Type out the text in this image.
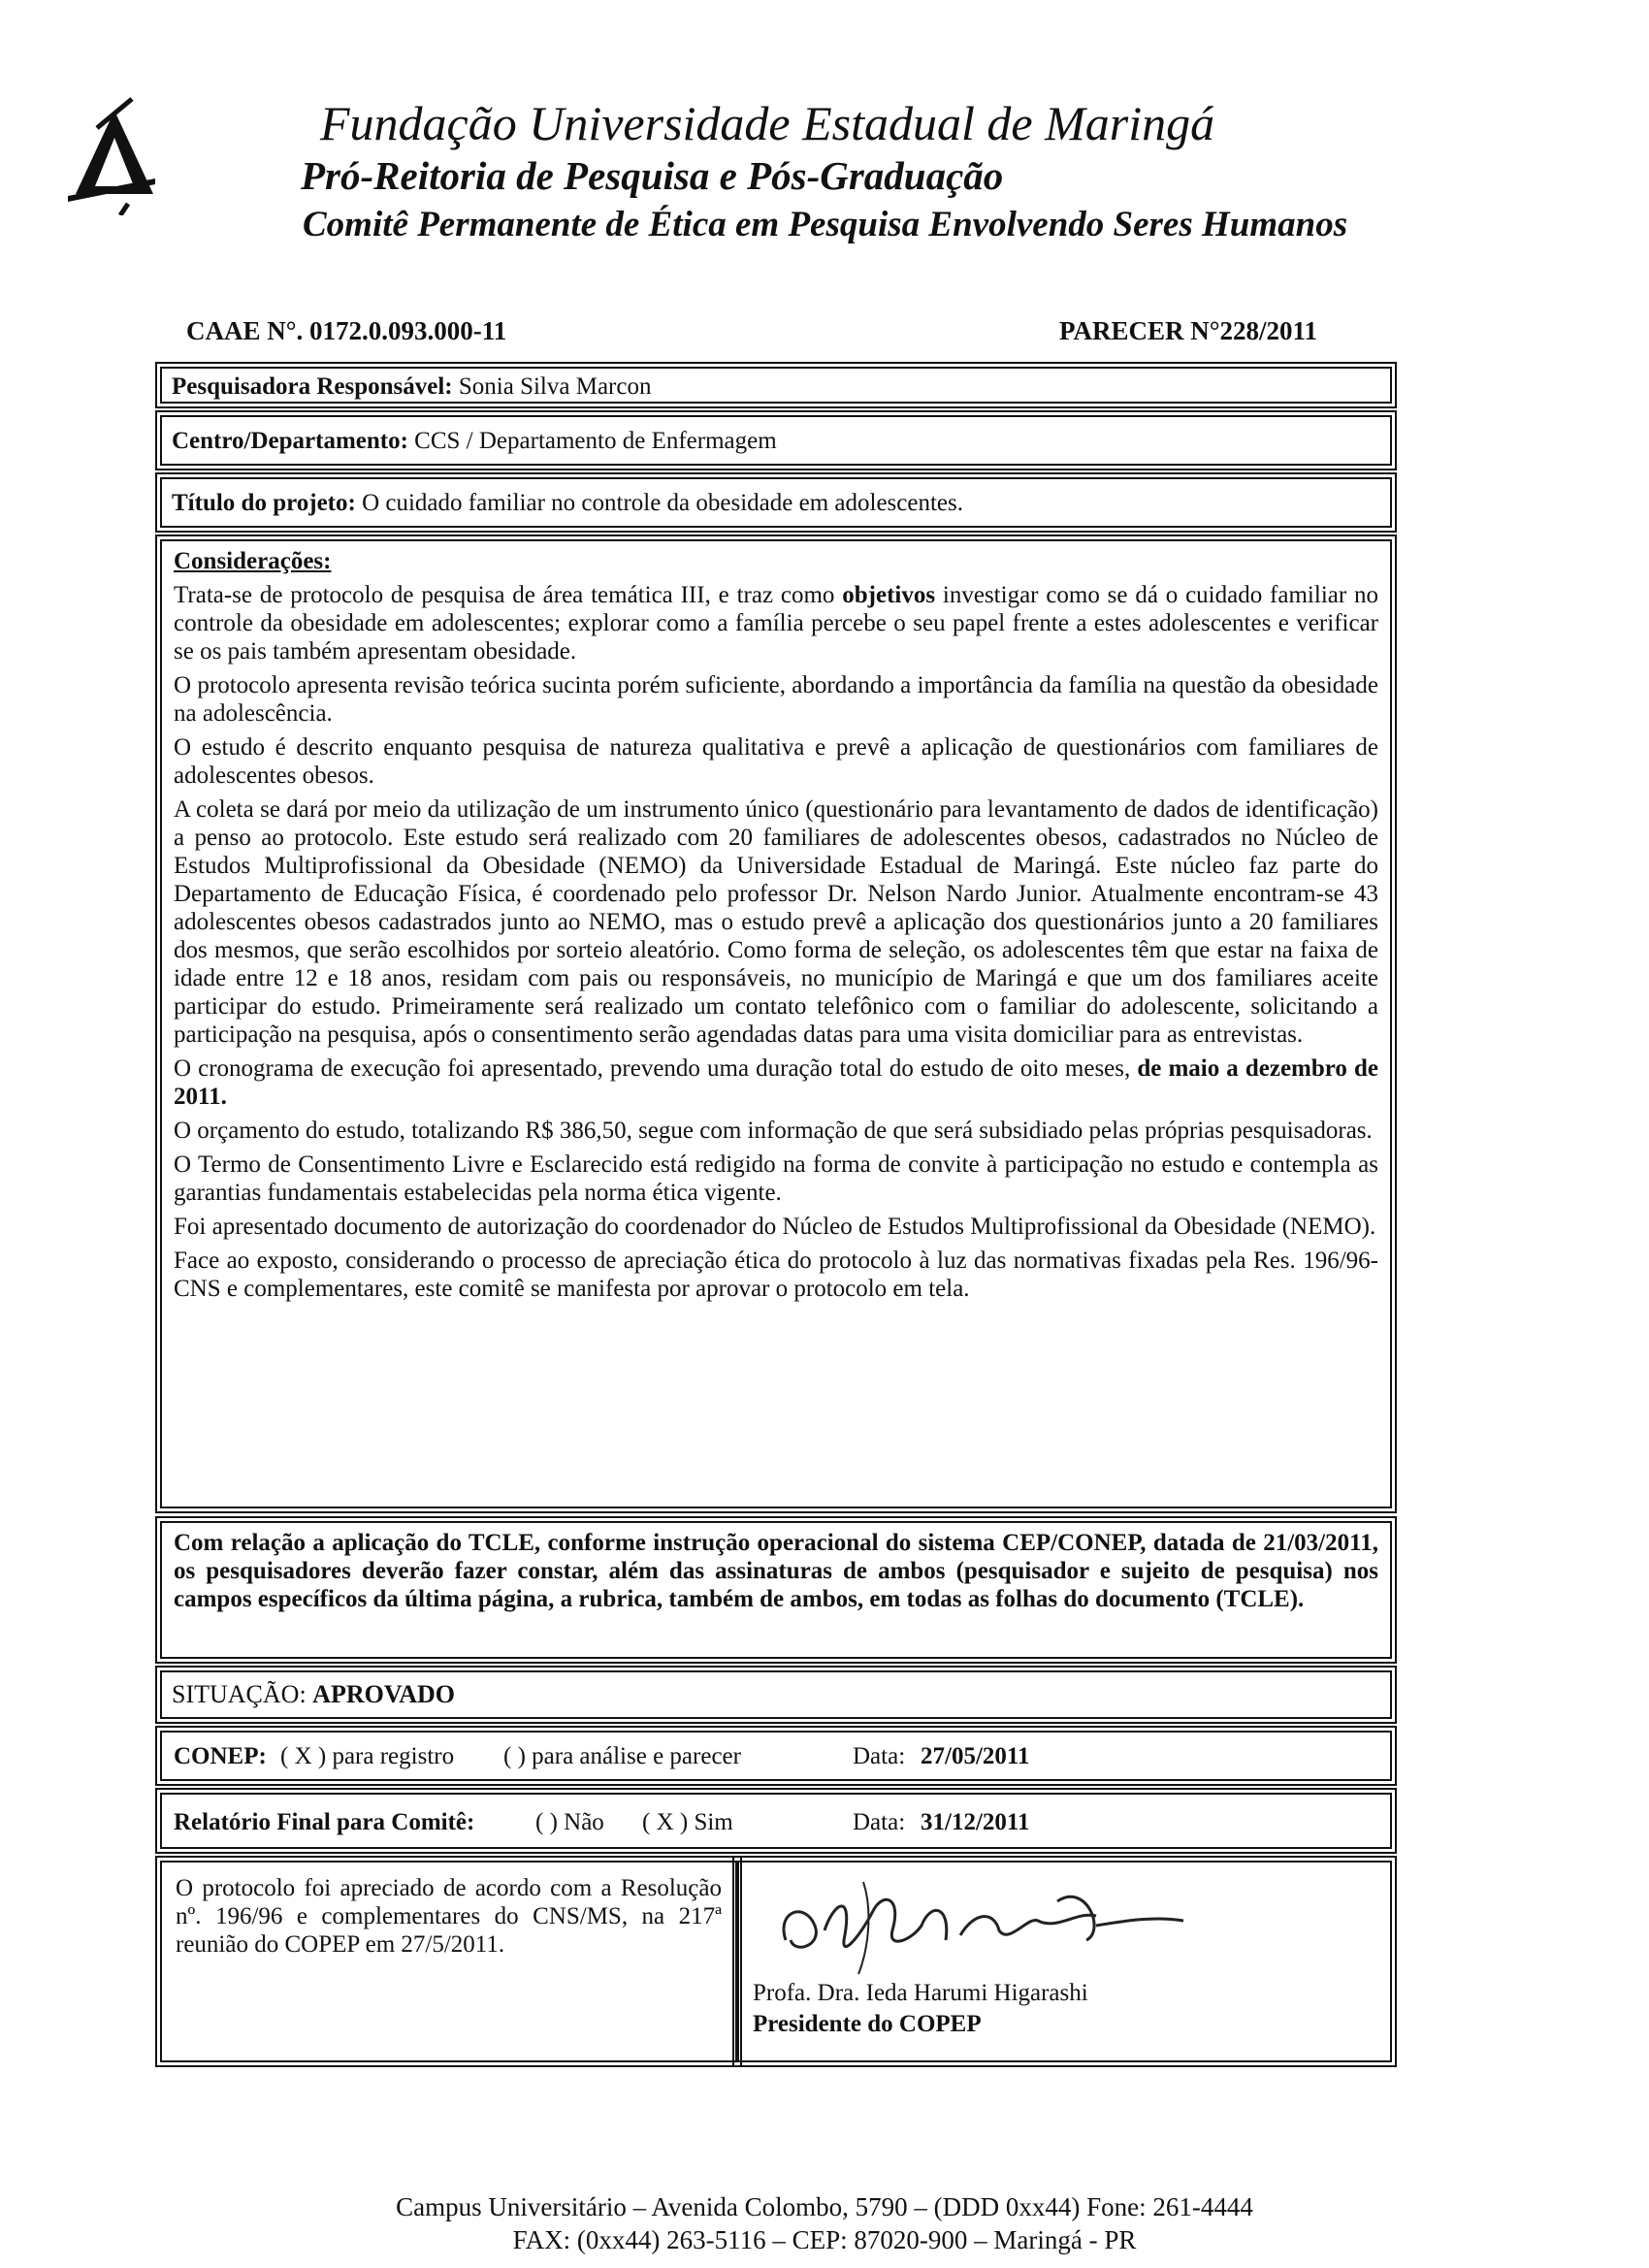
Fundação Universidade Estadual de Maringá
Pró-Reitoria de Pesquisa e Pós-Graduação
Comitê Permanente de Ética em Pesquisa Envolvendo Seres Humanos
CAAE N°. 0172.0.093.000-11	PARECER N°228/2011
Pesquisadora Responsável: Sonia Silva Marcon
Centro/Departamento: CCS / Departamento de Enfermagem
Título do projeto: O cuidado familiar no controle da obesidade em adolescentes.

Considerações:

Trata-se de protocolo de pesquisa de área temática III, e traz como objetivos investigar como se dá o cuidado familiar no controle da obesidade em adolescentes; explorar como a família percebe o seu papel frente a estes adolescentes e verificar se os pais também apresentam obesidade.

O protocolo apresenta revisão teórica sucinta porém suficiente, abordando a importância da família na questão da obesidade na adolescência.

O estudo é descrito enquanto pesquisa de natureza qualitativa e prevê a aplicação de questionários com familiares de adolescentes obesos.

A coleta se dará por meio da utilização de um instrumento único (questionário para levantamento de dados de identificação) a penso ao protocolo. Este estudo será realizado com 20 familiares de adolescentes obesos, cadastrados no Núcleo de Estudos Multiprofissional da Obesidade (NEMO) da Universidade Estadual de Maringá. Este núcleo faz parte do Departamento de Educação Física, é coordenado pelo professor Dr. Nelson Nardo Junior. Atualmente encontram-se 43 adolescentes obesos cadastrados junto ao NEMO, mas o estudo prevê a aplicação dos questionários junto a 20 familiares dos mesmos, que serão escolhidos por sorteio aleatório. Como forma de seleção, os adolescentes têm que estar na faixa de idade entre 12 e 18 anos, residam com pais ou responsáveis, no município de Maringá e que um dos familiares aceite participar do estudo. Primeiramente será realizado um contato telefônico com o familiar do adolescente, solicitando a participação na pesquisa, após o consentimento serão agendadas datas para uma visita domiciliar para as entrevistas.

O cronograma de execução foi apresentado, prevendo uma duração total do estudo de oito meses, de maio a dezembro de 2011.

O orçamento do estudo, totalizando R$ 386,50, segue com informação de que será subsidiado pelas próprias pesquisadoras.

O Termo de Consentimento Livre e Esclarecido está redigido na forma de convite à participação no estudo e contempla as garantias fundamentais estabelecidas pela norma ética vigente.

Foi apresentado documento de autorização do coordenador do Núcleo de Estudos Multiprofissional da Obesidade (NEMO).

Face ao exposto, considerando o processo de apreciação ética do protocolo à luz das normativas fixadas pela Res. 196/96-CNS e complementares, este comitê se manifesta por aprovar o protocolo em tela.

Com relação a aplicação do TCLE, conforme instrução operacional do sistema CEP/CONEP, datada de 21/03/2011, os pesquisadores deverão fazer constar, além das assinaturas de ambos (pesquisador e sujeito de pesquisa) nos campos específicos da última página, a rubrica, também de ambos, em todas as folhas do documento (TCLE).
SITUAÇÃO: APROVADO
CONEP: ( X ) para registro ( ) para análise e parecer	Data: 27/05/2011
Relatório Final para Comitê:	( ) Não ( X ) Sim	Data: 31/12/2011
O protocolo foi apreciado de acordo com a Resolução nº. 196/96 e complementares do CNS/MS, na 217ª reunião do COPEP em 27/5/2011.
Profa. Dra. Ieda Harumi Higarashi
Presidente do COPEP
Campus Universitário – Avenida Colombo, 5790 – (DDD 0xx44) Fone: 261-4444
FAX: (0xx44) 263-5116 – CEP: 87020-900 – Maringá - PR
